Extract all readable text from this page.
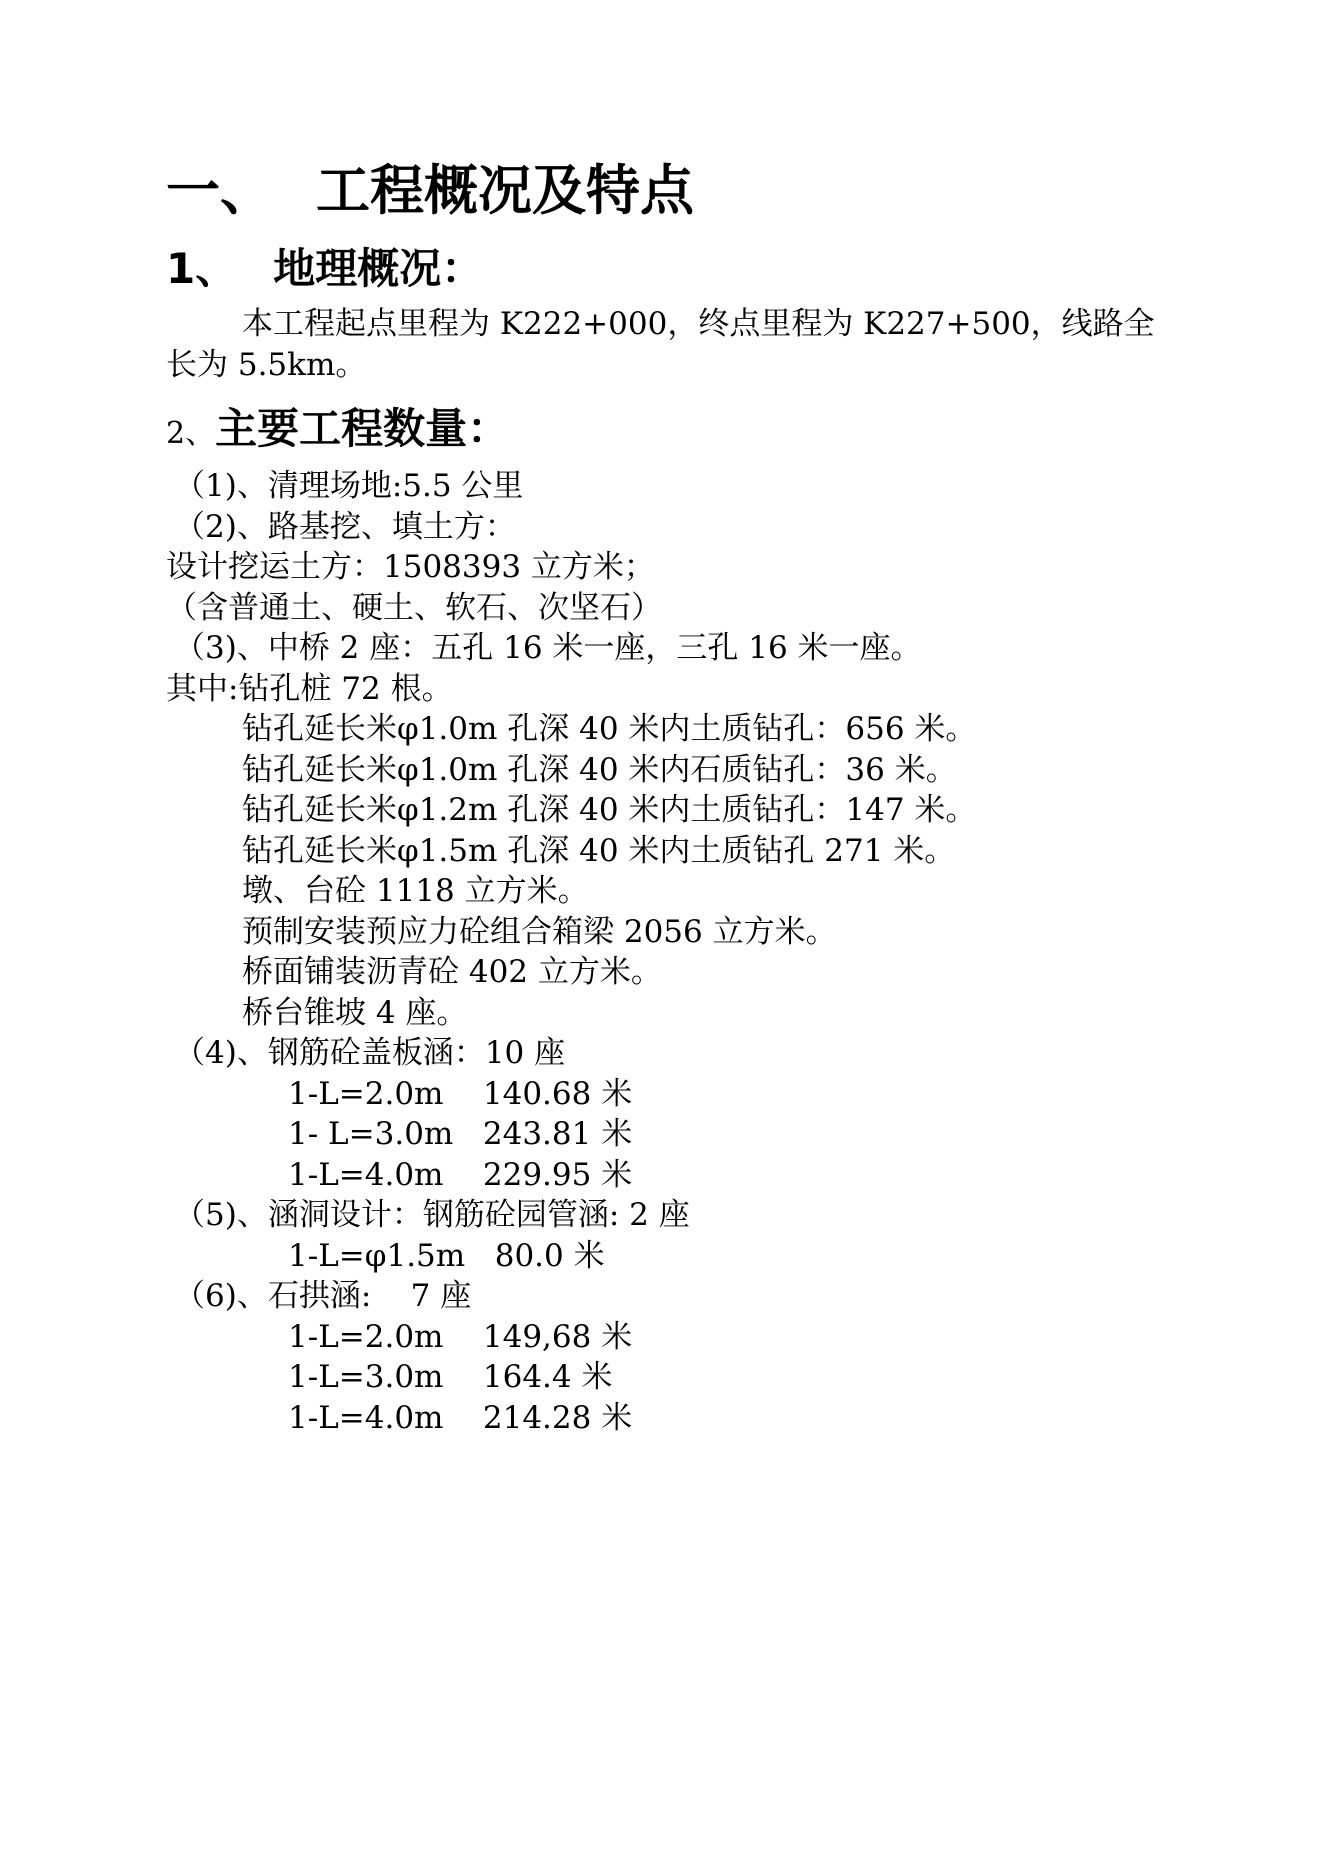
一、 工程概况及特点
1、 地理概况：
本工程起点里程为 K222+000，终点里程为 K227+500，线路全
长为 5.5km。
2、主要工程数量：
（1)、清理场地:5.5 公里
（2)、路基挖、填土方：
设计挖运土方：1508393 立方米；
（含普通土、硬土、软石、次坚石）
（3)、中桥 2 座：五孔 16 米一座，三孔 16 米一座。
其中:钻孔桩 72 根。
钻孔延长米φ1.0m 孔深 40 米内土质钻孔：656 米。
钻孔延长米φ1.0m 孔深 40 米内石质钻孔：36 米。
钻孔延长米φ1.2m 孔深 40 米内土质钻孔：147 米。
钻孔延长米φ1.5m 孔深 40 米内土质钻孔 271 米。
墩、台砼 1118 立方米。
预制安装预应力砼组合箱梁 2056 立方米。
桥面铺装沥青砼 402 立方米。
桥台锥坡 4 座。
（4)、钢筋砼盖板涵：10 座
1-L=2.0m    140.68 米
1- L=3.0m   243.81 米
1-L=4.0m    229.95 米
（5)、涵洞设计：钢筋砼园管涵: 2 座
1-L=φ1.5m   80.0 米
（6)、石拱涵:    7 座
1-L=2.0m    149,68 米
1-L=3.0m    164.4 米
1-L=4.0m    214.28 米
